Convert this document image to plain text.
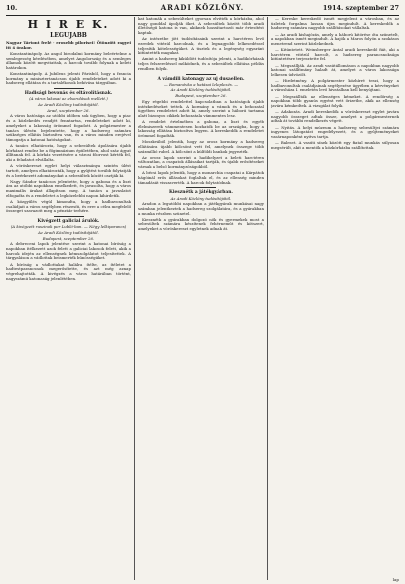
10.	ARADI KÖZLÖNY.	1914. szeptember 27
H I R E K.
LEGUJABB

Nagyar Tártont frelé · erosebb pilorisei! Ötönzött ragyei itt 4 órakor.

Konstantinápoly. Az angol birodalmi kormány beleértelme a semlegesség kérdésében, amelyet Angolország és a semleges államok között megvitattak, a harcok tovább folynak a keleti határokon.

Konstantinápoly. A Jubileus jelenti Párisból, hogy a francia kormány a minisztertanácson újabb rendeleteket adott ki a hadsereg ellátása és a tartalékosok behívása tárgyában.

Hadisági bevonás és eltávolításnak.
(A város lakosai az elsorolások mellett.)
Az Aradi Közlöny tudósítójától.
Arad, szeptember 26.

A város hatósága az utóbbi időben sok ügyben, hogy a piac és a közlekedés rendjét fenntartsa, rendeleteket adott ki, amelyeket a lakosság örömmel fogadott. A polgármester a tanács ülésén bejelentette, hogy a hadsereg számára szükséges ellátás biztosítva van, és a város minden erejével támogatja a katonai hatóságokat.

A tanács elhatározta, hogy a sebesültek ápolására újabb kórházat rendez be a főgimnázium épületében, ahol száz ágyat állítanak fel. A kórház vezetésére a városi főorvost kérték fel, aki a feladatot elvállalta.

A vöröskereszt egylet helyi választmánya szintén ülést tartott, amelyen elhatározták, hogy a gyűjtést tovább folytatják és a beérkezett adományokat a sebesültek között osztják ki.

Nagy Sándor tanácsos jelentette, hogy a gabona és a liszt ára az utóbbi napokban emelkedett, és javasolta, hogy a város maximális árakat állapítson meg. A tanács a javaslatot elfogadta és a rendeletet a legközelebbi napon kihirdetik.

A közgyűlés végül kimondta, hogy a hadbavonultak családjait a város segélyben részesíti, és erre a célra megfelelő összeget szavazott meg a pénztár terhére.

Kivégzett galiciai árulók.
(A kivégzett ruszinok per Lubló-ban. — Négy lelkiparancs)
Az Aradi Közlöny tudósítójától.
Budapest, szeptember 26.

A debreceni lapok jelentése szerint a katonai bíróság a napokban ítélkezett azok felett a galiciai lakosok felett, akik a harcok idején az ellenségnek kémszolgálatot teljesítettek. A tárgyaláson a vádlottak beismerték bűnösségüket.

A bíróság a vádlottakat halálra ítélte, az ítéletet a hadtestparancsnok megerősítette, és azt még aznap végrehajtották. A kivégzés a város határában történt, nagyszámú katonaság jelenlétében.

kat katonák a sebesülteket gyorsan elvitték a kórházba, ahol nagy gonddal ápolják őket. A sebesültek között több aradi illetőségű katona is van, akiknek hozzátartozói már értesítést kaptak.

Az intézetbe jött tudósításaink szerint a harctéren levő ezredek vitézül harcolnak, és a legnagyobb lelkesedéssel teljesítik kötelességüket. A tisztek és a legénység egyaránt kitüntették magukat.

Amint a hadsereg kiküldött tudósítója jelenti, a hadikórházak teljes felszereléssel működnek, és a sebesültek ellátása példás rendben folyik.

A vámdili katonagy az uj dusaellen.
— Romanóvka a hatásai leleplezés. —
Az Aradi Közlöny tudósítójától.
Budapest, szeptember 26.

Egy régebbi rendelettel kapcsolatban a hatóságok újabb intézkedéseket tettek. A kormány a vámok és a behozatal ügyében rendeletet adott ki, amely szerint a háború tartama alatt bizonyos cikkek behozatala vámmentes lesz.

A rendelet értelmében a gabona, a liszt és egyéb élelmiszerek vámmentesen hozhatók be az országba, hogy a lakosság ellátása biztosítva legyen. A kereskedők a rendeletet örömmel fogadták.

Moszkvából jelentik, hogy az orosz kormány a hadsereg ellátására újabb kölcsönt vett fel, amelynek összege több százmillió rubel. A kölcsönt a külföldi bankok jegyezték.

Az orosz lapok szerint a hadihelyzet a keleti harctéren változatlan, a csapatok állásaikat tartják, és újabb erősítéseket várnak a belső kormányzóságokból.

A bécsi lapok jelentik, hogy a monarchia csapatai a Kárpátok hágóinál erős állásokat foglaltak el, és az ellenség minden támadását visszaverték. A harcok folytatódnak.

Kiesznétk a játékgyárban.
Az Aradi Közlöny tudósítójától.

Aradon a legutóbbi napokban a játékgyárak munkásai nagy számban jelentkeztek a hadsereg szolgálatára, és a gyárakban a munka részben szünetel.

Kiesznétk a gyárakban dolgozó nők és gyermekek most a sebesültek számára készítenek fehérneműt és kötszert, amelyeket a vöröskereszt egyletnek adnak át.

— Kereske kereskedő ismét megjelent a városban, és az üzletek forgalma lassan újra megindult. A kereskedők a hadsereg számára nagyobb szállításokat vállaltak.

— Az aradi kishajózás, amely a háború kitörése óta szünetelt, a napokban ismét megindult. A hajók a Maros folyón a szokásos menetrend szerint közlekednek.

— Kitüntetett. Weinsberger Antal aradi kereskedő fiát, aki a harctéren vitézül harcolt, a hadsereg parancsnoksága kitüntetésre terjesztette fel.

— Megszállják. Az aradi vasútállomáson a napokban nagyobb katonai szállítmány haladt át, amelyet a város lakossága lelkesen üdvözölt.

— Hirdetmény. A polgármester közhírré teszi, hogy a hadbavonultak családjainak segélyezése ügyében a kérvényeket a városháza I. emeletén levő hivatalban kell benyújtani.

— Megszállták az ellenséges kémeket. A rendőrség a napokban több gyanús egyént vett őrizetbe, akik az ellenség javára kémkedtek. A vizsgálat folyik.

— Adakozás. Aradi kereskedők a vöröskereszt egylet javára nagyobb összeget adtak össze, amelyet a polgármesternek adtak át további rendelkezés végett.

— Nyitás. A helyi múzeum a hadsereg sebesültjei számára ingyenes látogatást engedélyezett, és a gyűjteményeket vasárnaponként nyitva tartja.

— Baleset. A vasúti sínek között egy fiatal munkás súlyosan megsérült, akit a mentők a közkórházba szállítottak.

lap
